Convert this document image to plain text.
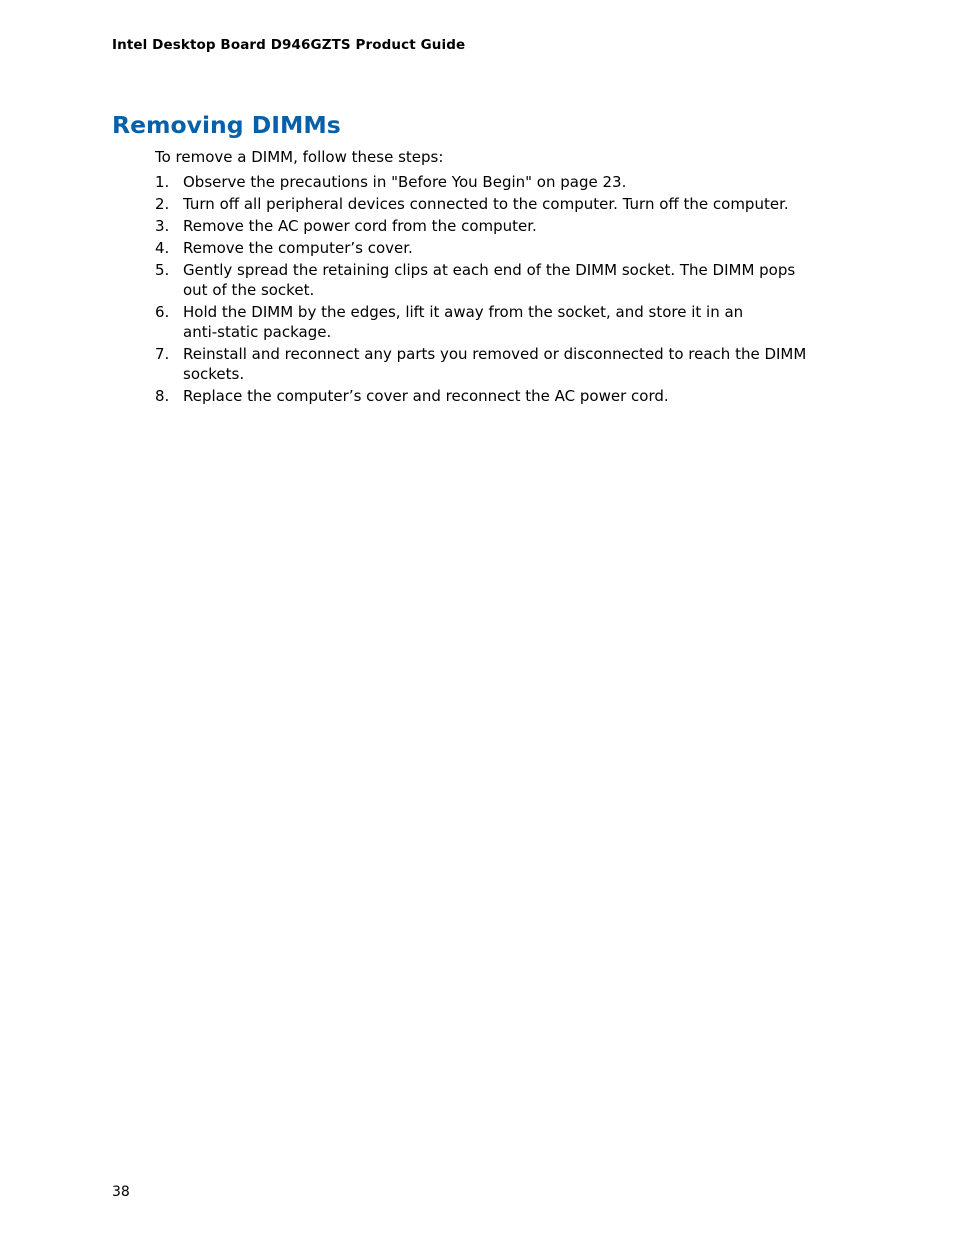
Intel Desktop Board D946GZTS Product Guide
Removing DIMMs

To remove a DIMM, follow these steps:

1. Observe the precautions in "Before You Begin" on page 23.
2. Turn off all peripheral devices connected to the computer. Turn off the computer.
3. Remove the AC power cord from the computer.
4. Remove the computer’s cover.
5. Gently spread the retaining clips at each end of the DIMM socket. The DIMM pops
out of the socket.
6. Hold the DIMM by the edges, lift it away from the socket, and store it in an
anti-static package.
7. Reinstall and reconnect any parts you removed or disconnected to reach the DIMM
sockets.
8. Replace the computer’s cover and reconnect the AC power cord.
38
